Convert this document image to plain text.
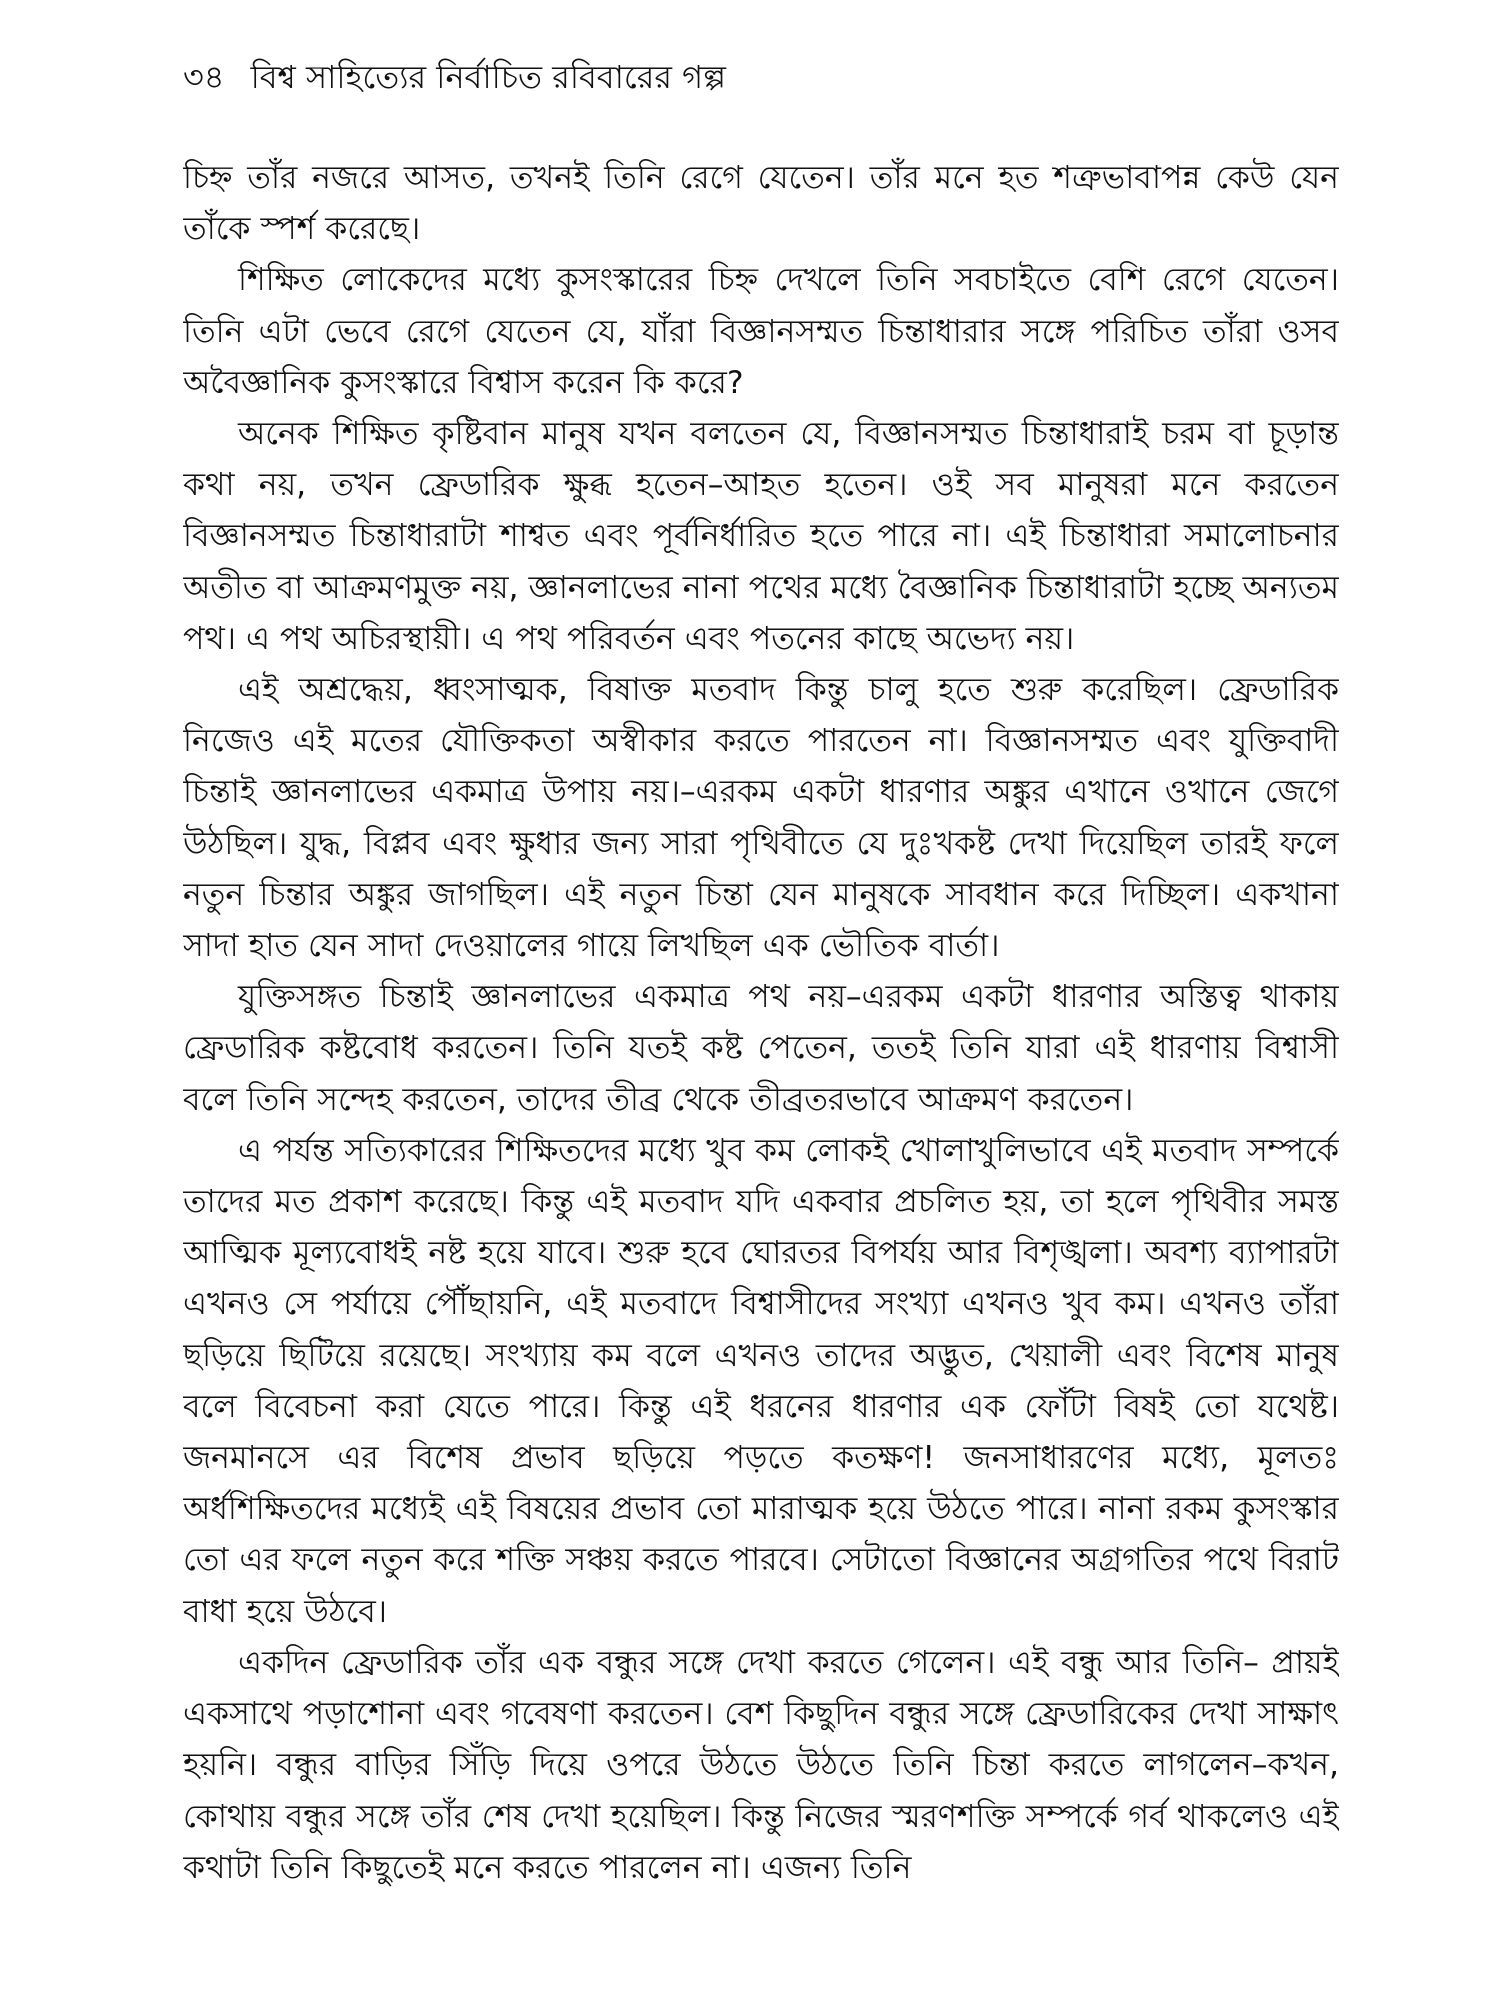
৩৪ বিশ্ব সাহিত্যের নির্বাচিত রবিবারের গল্প

চিহ্ন তাঁর নজরে আসত, তখনই তিনি রেগে যেতেন। তাঁর মনে হত শত্রুভাবাপন্ন কেউ যেন তাঁকে স্পর্শ করেছে।

শিক্ষিত লোকেদের মধ্যে কুসংস্কারের চিহ্ন দেখলে তিনি সবচাইতে বেশি রেগে যেতেন। তিনি এটা ভেবে রেগে যেতেন যে, যাঁরা বিজ্ঞানসম্মত চিন্তাধারার সঙ্গে পরিচিত তাঁরা ওসব অবৈজ্ঞানিক কুসংস্কারে বিশ্বাস করেন কি করে?

অনেক শিক্ষিত কৃষ্টিবান মানুষ যখন বলতেন যে, বিজ্ঞানসম্মত চিন্তাধারাই চরম বা চূড়ান্ত কথা নয়, তখন ফ্রেডারিক ক্ষুব্ধ হতেন–আহত হতেন। ওই সব মানুষরা মনে করতেন বিজ্ঞানসম্মত চিন্তাধারাটা শাশ্বত এবং পূর্বনির্ধারিত হতে পারে না। এই চিন্তাধারা সমালোচনার অতীত বা আক্রমণমুক্ত নয়, জ্ঞানলাভের নানা পথের মধ্যে বৈজ্ঞানিক চিন্তাধারাটা হচ্ছে অন্যতম পথ। এ পথ অচিরস্থায়ী। এ পথ পরিবর্তন এবং পতনের কাছে অভেদ্য নয়।

এই অশ্রদ্ধেয়, ধ্বংসাত্মক, বিষাক্ত মতবাদ কিন্তু চালু হতে শুরু করেছিল। ফ্রেডারিক নিজেও এই মতের যৌক্তিকতা অস্বীকার করতে পারতেন না। বিজ্ঞানসম্মত এবং যুক্তিবাদী চিন্তাই জ্ঞানলাভের একমাত্র উপায় নয়।–এরকম একটা ধারণার অঙ্কুর এখানে ওখানে জেগে উঠছিল। যুদ্ধ, বিপ্লব এবং ক্ষুধার জন্য সারা পৃথিবীতে যে দুঃখকষ্ট দেখা দিয়েছিল তারই ফলে নতুন চিন্তার অঙ্কুর জাগছিল। এই নতুন চিন্তা যেন মানুষকে সাবধান করে দিচ্ছিল। একখানা সাদা হাত যেন সাদা দেওয়ালের গায়ে লিখছিল এক ভৌতিক বার্তা।

যুক্তিসঙ্গত চিন্তাই জ্ঞানলাভের একমাত্র পথ নয়–এরকম একটা ধারণার অস্তিত্ব থাকায় ফ্রেডারিক কষ্টবোধ করতেন। তিনি যতই কষ্ট পেতেন, ততই তিনি যারা এই ধারণায় বিশ্বাসী বলে তিনি সন্দেহ করতেন, তাদের তীব্র থেকে তীব্রতরভাবে আক্রমণ করতেন।

এ পর্যন্ত সত্যিকারের শিক্ষিতদের মধ্যে খুব কম লোকই খোলাখুলিভাবে এই মতবাদ সম্পর্কে তাদের মত প্রকাশ করেছে। কিন্তু এই মতবাদ যদি একবার প্রচলিত হয়, তা হলে পৃথিবীর সমস্ত আত্মিক মূল্যবোধই নষ্ট হয়ে যাবে। শুরু হবে ঘোরতর বিপর্যয় আর বিশৃঙ্খলা। অবশ্য ব্যাপারটা এখনও সে পর্যায়ে পৌঁছায়নি, এই মতবাদে বিশ্বাসীদের সংখ্যা এখনও খুব কম। এখনও তাঁরা ছড়িয়ে ছিটিয়ে রয়েছে। সংখ্যায় কম বলে এখনও তাদের অদ্ভুত, খেয়ালী এবং বিশেষ মানুষ বলে বিবেচনা করা যেতে পারে। কিন্তু এই ধরনের ধারণার এক ফোঁটা বিষই তো যথেষ্ট। জনমানসে এর বিশেষ প্রভাব ছড়িয়ে পড়তে কতক্ষণ! জনসাধারণের মধ্যে, মূলতঃ অর্ধশিক্ষিতদের মধ্যেই এই বিষয়ের প্রভাব তো মারাত্মক হয়ে উঠতে পারে। নানা রকম কুসংস্কার তো এর ফলে নতুন করে শক্তি সঞ্চয় করতে পারবে। সেটাতো বিজ্ঞানের অগ্রগতির পথে বিরাট বাধা হয়ে উঠবে।

একদিন ফ্রেডারিক তাঁর এক বন্ধুর সঙ্গে দেখা করতে গেলেন। এই বন্ধু আর তিনি– প্রায়ই একসাথে পড়াশোনা এবং গবেষণা করতেন। বেশ কিছুদিন বন্ধুর সঙ্গে ফ্রেডারিকের দেখা সাক্ষাৎ হয়নি। বন্ধুর বাড়ির সিঁড়ি দিয়ে ওপরে উঠতে উঠতে তিনি চিন্তা করতে লাগলেন–কখন, কোথায় বন্ধুর সঙ্গে তাঁর শেষ দেখা হয়েছিল। কিন্তু নিজের স্মরণশক্তি সম্পর্কে গর্ব থাকলেও এই কথাটা তিনি কিছুতেই মনে করতে পারলেন না। এজন্য তিনি
